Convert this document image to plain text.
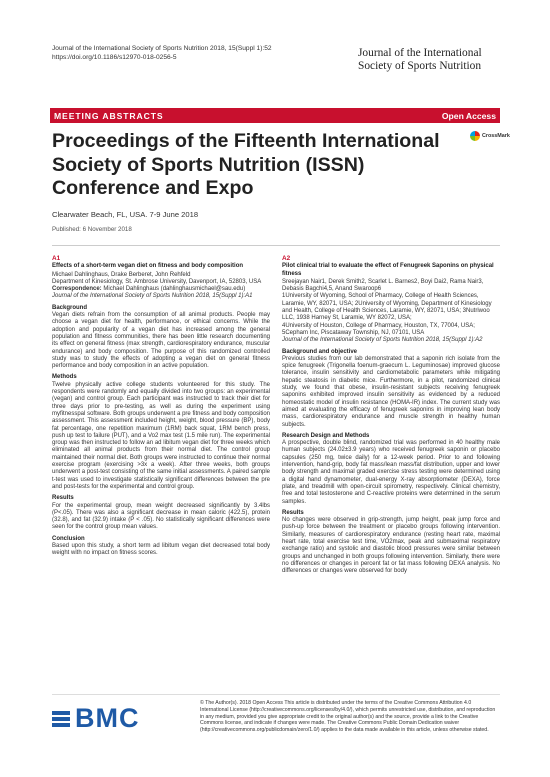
Journal of the International Society of Sports Nutrition 2018, 15(Suppl 1):52
https://doi.org/10.1186/s12970-018-0256-5	Journal of the International Society of Sports Nutrition
MEETING ABSTRACTS	Open Access
Proceedings of the Fifteenth International Society of Sports Nutrition (ISSN) Conference and Expo
CrossMark
Clearwater Beach, FL, USA. 7-9 June 2018
Published: 6 November 2018
A1
Effects of a short-term vegan diet on fitness and body composition
Michael Dahlinghaus, Drake Berberet, John Rehfeld
Department of Kinesiology, St. Ambrose University, Davenport, IA, 52803, USA
Correspondence: Michael Dahlinghaus (dahlinghausmichael@sau.edu)
Journal of the International Society of Sports Nutrition 2018, 15(Suppl 1):A1
Background

Vegan diets refrain from the consumption of all animal products. People may choose a vegan diet for health, performance, or ethical concerns. While the adoption and popularity of a vegan diet has increased among the general population and fitness communities, there has been little research documenting its effect on general fitness (max strength, cardiorespiratory endurance, muscular endurance) and body composition. The purpose of this randomized controlled study was to study the effects of adopting a vegan diet on general fitness performance and body composition in an active population.

Methods

Twelve physically active college students volunteered for this study. The respondents were randomly and equally divided into two groups: an experimental (vegan) and control group. Each participant was instructed to track their diet for three days prior to pre-testing, as well as during the experiment using myfitnesspal software. Both groups underwent a pre fitness and body composition assessment. This assessment included height, weight, blood pressure (BP), body fat percentage, one repetition maximum (1RM) back squat, 1RM bench press, push up test to failure (PUT), and a Vo2 max test (1.5 mile run). The experimental group was then instructed to follow an ad libitum vegan diet for three weeks which eliminated all animal products from their normal diet. The control group maintained their normal diet. Both groups were instructed to continue their normal exercise program (exercising >3x a week). After three weeks, both groups underwent a post-test consisting of the same initial assessments. A paired sample t-test was used to investigate statistically significant differences between the pre and post-tests for the experimental and control group.

Results

For the experimental group, mean weight decreased significantly by 3.4lbs (P<.05). There was also a significant decrease in mean caloric (422.5), protein (32.8), and fat (32.9) intake (P < .05). No statistically significant differences were seen for the control group mean values.

Conclusion

Based upon this study, a short term ad libitum vegan diet decreased total body weight with no impact on fitness scores.

A2
Pilot clinical trial to evaluate the effect of Fenugreek Saponins on physical fitness
Sreejayan Nair1, Derek Smith2, Scarlet L. Barnes2, Boyi Dai2, Rama Nair3, Debasis Bagchi4,5, Anand Swaroop6
1University of Wyoming, School of Pharmacy, College of Health Sciences, Laramie, WY, 82071, USA; 2University of Wyoming, Department of Kinesiology and Health, College of Health Sciences, Laramie, WY, 82071, USA; 3Nutriwoo LLC, 1938 Harney St, Laramie, WY 82072, USA;
4University of Houston, College of Pharmacy, Houston, TX, 77004, USA; 5Cepham Inc, Piscataway Township, NJ, 07101, USA
Journal of the International Society of Sports Nutrition 2018, 15(Suppl 1):A2
Background and objective

Previous studies from our lab demonstrated that a saponin rich isolate from the spice fenugreek (Trigonella foenum-graecum L. Leguminosae) improved glucose tolerance, insulin sensitivity and cardiometabolic parameters while mitigating hepatic steatosis in diabetic mice. Furthermore, in a pilot, randomized clinical study, we found that obese, insulin-resistant subjects receiving fenugreek saponins exhibited improved insulin sensitivity as evidenced by a reduced homeostatic model of insulin resistance (HOMA-IR) index. The current study was aimed at evaluating the efficacy of fenugreek saponins in improving lean body mass, cardiorespiratory endurance and muscle strength in healthy human subjects.

Research Design and Methods

A prospective, double blind, randomized trial was performed in 40 healthy male human subjects (24.02±3.9 years) who received fenugreek saponin or placebo capsules (250 mg, twice daily) for a 12-week period. Prior to and following intervention, hand-grip, body fat mass/lean mass/fat distribution, upper and lower body strength and maximal graded exercise stress testing were determined using a digital hand dynamometer, dual-energy X-ray absorptiometer (DEXA), force plate, and treadmill with open-circuit spirometry, respectively. Clinical chemistry, free and total testosterone and C-reactive proteins were determined in the serum samples.

Results

No changes were observed in grip-strength, jump height, peak jump force and push-up force between the treatment or placebo groups following intervention. Similarly, measures of cardiorespiratory endurance (resting heart rate, maximal heart rate, total exercise test time, VO2max, peak and submaximal respiratory exchange ratio) and systolic and diastolic blood pressures were similar between groups and unchanged in both groups following intervention. Similarly, there were no differences or changes in percent fat or fat mass following DEXA analysis. No differences or changes were observed for body

BMC	© The Author(s). 2018 Open Access This article is distributed under the terms of the Creative Commons Attribution 4.0 International License (http://creativecommons.org/licenses/by/4.0/), which permits unrestricted use, distribution, and reproduction in any medium, provided you give appropriate credit to the original author(s) and the source, provide a link to the Creative Commons license, and indicate if changes were made. The Creative Commons Public Domain Dedication waiver (http://creativecommons.org/publicdomain/zero/1.0/) applies to the data made available in this article, unless otherwise stated.
